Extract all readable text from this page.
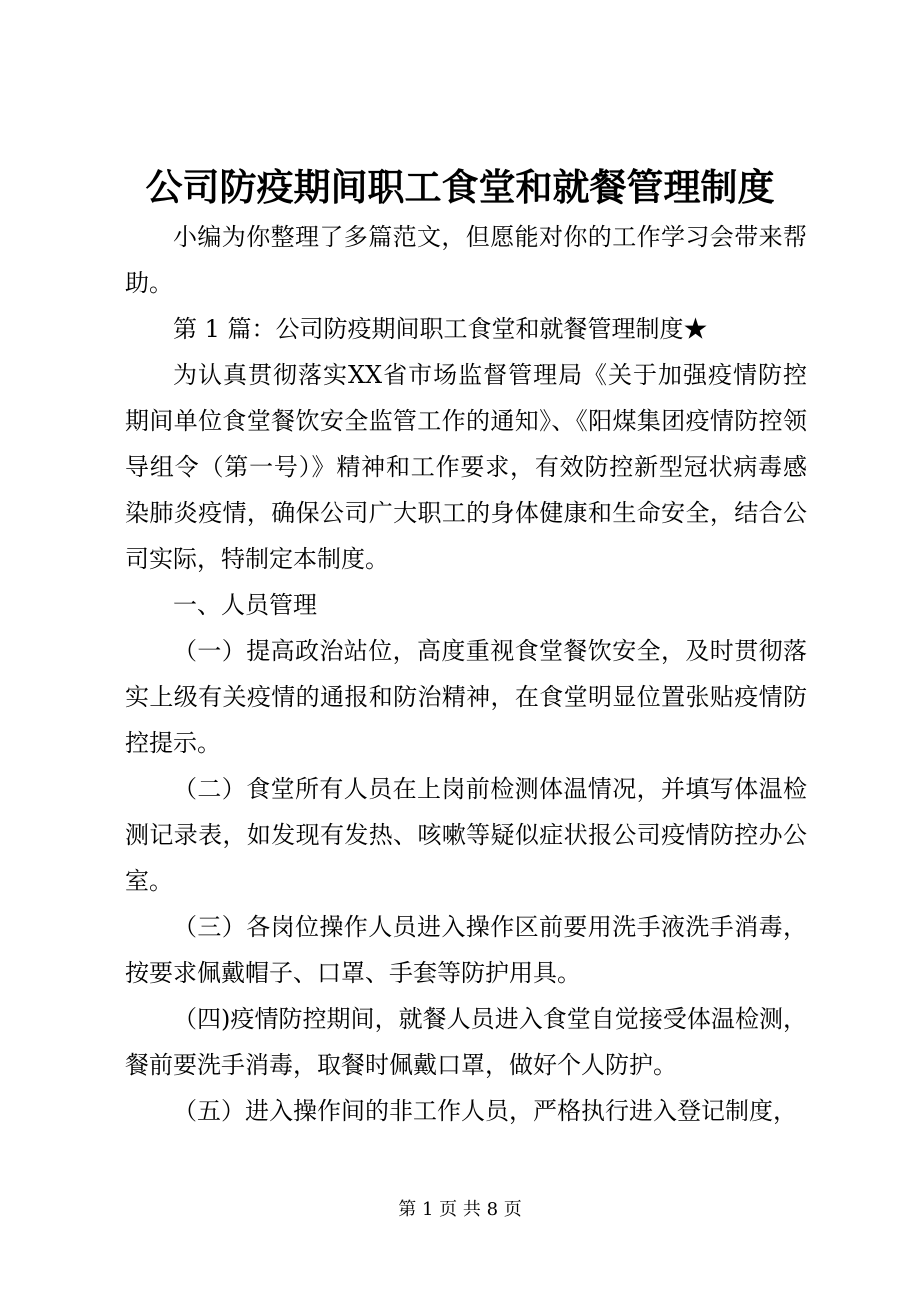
公司防疫期间职工食堂和就餐管理制度

小编为你整理了多篇范文，但愿能对你的工作学习会带来帮助。

第 1 篇：公司防疫期间职工食堂和就餐管理制度★

为认真贯彻落实XX省市场监督管理局《关于加强疫情防控期间单位食堂餐饮安全监管工作的通知》、《阳煤集团疫情防控领导组令（第一号）》精神和工作要求，有效防控新型冠状病毒感染肺炎疫情，确保公司广大职工的身体健康和生命安全，结合公司实际，特制定本制度。

一、人员管理

（一）提高政治站位，高度重视食堂餐饮安全，及时贯彻落实上级有关疫情的通报和防治精神，在食堂明显位置张贴疫情防控提示。

（二）食堂所有人员在上岗前检测体温情况，并填写体温检测记录表，如发现有发热、咳嗽等疑似症状报公司疫情防控办公室。

（三）各岗位操作人员进入操作区前要用洗手液洗手消毒，按要求佩戴帽子、口罩、手套等防护用具。

（四)疫情防控期间，就餐人员进入食堂自觉接受体温检测，餐前要洗手消毒，取餐时佩戴口罩，做好个人防护。

（五）进入操作间的非工作人员，严格执行进入登记制度，

第 1 页 共 8 页
